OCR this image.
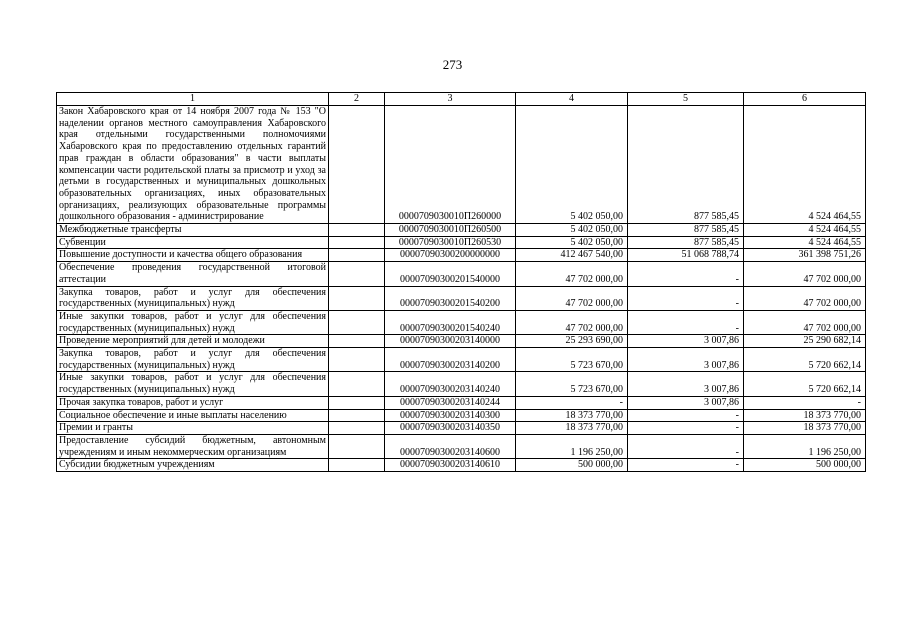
273
1	2	3	4	5	6
Закон Хабаровского края от 14 ноября 2007 года № 153 "О наделении органов местного самоуправления Хабаровского края отдельными государственными полномочиями Хабаровского края по предоставлению отдельных гарантий прав граждан в области образования" в части выплаты компенсации части родительской платы за присмотр и уход за детьми в государственных и муниципальных дошкольных образовательных организациях, иных образовательных организациях, реализующих образовательные программы дошкольного образования - администрирование		0000709030010П260000	5 402 050,00	877 585,45	4 524 464,55
Межбюджетные трансферты		0000709030010П260500	5 402 050,00	877 585,45	4 524 464,55
Субвенции		0000709030010П260530	5 402 050,00	877 585,45	4 524 464,55
Повышение доступности и качества общего образования		00007090300200000000	412 467 540,00	51 068 788,74	361 398 751,26
Обеспечение проведения государственной итоговой аттестации		00007090300201540000	47 702 000,00	-	47 702 000,00
Закупка товаров, работ и услуг для обеспечения государственных (муниципальных) нужд		00007090300201540200	47 702 000,00	-	47 702 000,00
Иные закупки товаров, работ и услуг для обеспечения государственных (муниципальных) нужд		00007090300201540240	47 702 000,00	-	47 702 000,00
Проведение мероприятий для детей и молодежи		00007090300203140000	25 293 690,00	3 007,86	25 290 682,14
Закупка товаров, работ и услуг для обеспечения государственных (муниципальных) нужд		00007090300203140200	5 723 670,00	3 007,86	5 720 662,14
Иные закупки товаров, работ и услуг для обеспечения государственных (муниципальных) нужд		00007090300203140240	5 723 670,00	3 007,86	5 720 662,14
Прочая закупка товаров, работ и услуг		00007090300203140244	-	3 007,86	-
Социальное обеспечение и иные выплаты населению		00007090300203140300	18 373 770,00	-	18 373 770,00
Премии и гранты		00007090300203140350	18 373 770,00	-	18 373 770,00
Предоставление субсидий бюджетным, автономным учреждениям и иным некоммерческим организациям		00007090300203140600	1 196 250,00	-	1 196 250,00
Субсидии бюджетным учреждениям		00007090300203140610	500 000,00	-	500 000,00
